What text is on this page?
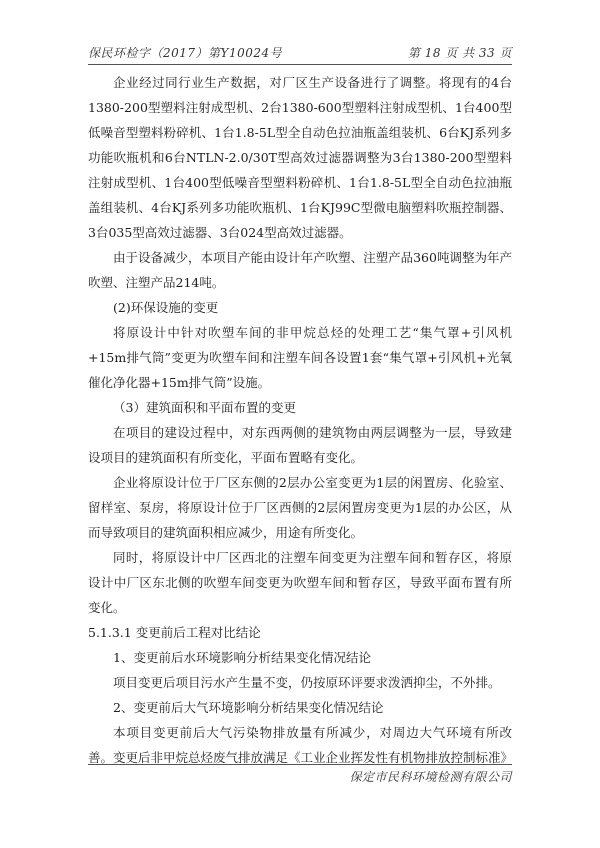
保民环检字（2017）第Y10024号	第 18 页 共 33 页

企业经过同行业生产数据，对厂区生产设备进行了调整。将现有的4台1380-200型塑料注射成型机、2台1380-600型塑料注射成型机、1台400型低噪音型塑料粉碎机、1台1.8-5L型全自动色拉油瓶盖组装机、6台KJ系列多功能吹瓶机和6台NTLN-2.0/30T型高效过滤器调整为3台1380-200型塑料注射成型机、1台400型低噪音型塑料粉碎机、1台1.8-5L型全自动色拉油瓶盖组装机、4台KJ系列多功能吹瓶机、1台KJ99C型微电脑塑料吹瓶控制器、3台035型高效过滤器、3台024型高效过滤器。

由于设备减少，本项目产能由设计年产吹塑、注塑产品360吨调整为年产吹塑、注塑产品214吨。

(2)环保设施的变更

将原设计中针对吹塑车间的非甲烷总烃的处理工艺“集气罩+引风机+15m排气筒”变更为吹塑车间和注塑车间各设置1套“集气罩+引风机+光氧催化净化器+15m排气筒”设施。

（3）建筑面积和平面布置的变更

在项目的建设过程中，对东西两侧的建筑物由两层调整为一层，导致建设项目的建筑面积有所变化，平面布置略有变化。

企业将原设计位于厂区东侧的2层办公室变更为1层的闲置房、化验室、留样室、泵房，将原设计位于厂区西侧的2层闲置房变更为1层的办公区，从而导致项目的建筑面积相应减少，用途有所变化。

同时，将原设计中厂区西北的注塑车间变更为注塑车间和暂存区，将原设计中厂区东北侧的吹塑车间变更为吹塑车间和暂存区，导致平面布置有所变化。

5.1.3.1 变更前后工程对比结论

1、变更前后水环境影响分析结果变化情况结论

项目变更后项目污水产生量不变，仍按原环评要求泼洒抑尘，不外排。

2、变更前后大气环境影响分析结果变化情况结论

本项目变更前后大气污染物排放量有所减少，对周边大气环境有所改善。变更后非甲烷总烃废气排放满足《工业企业挥发性有机物排放控制标准》

保定市民科环境检测有限公司
